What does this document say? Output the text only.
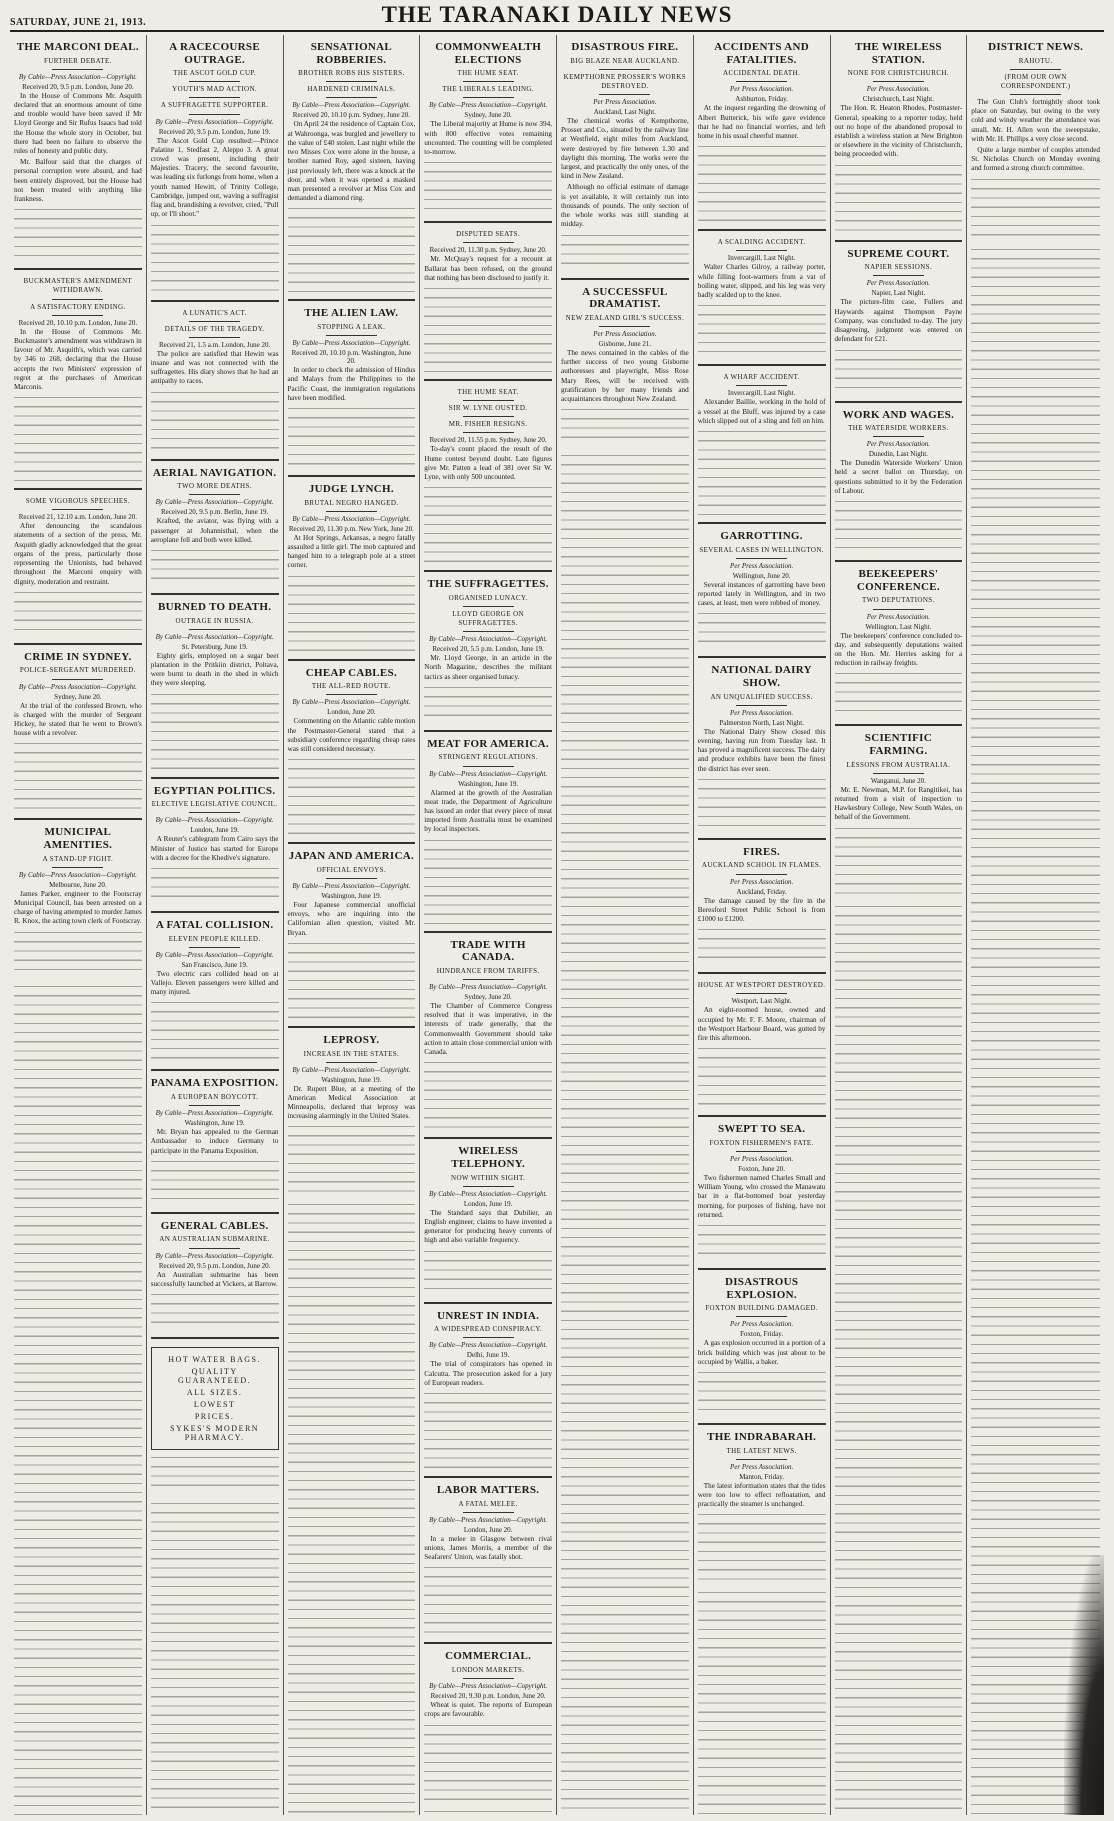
SATURDAY, JUNE 21, 1913.	THE TARANAKI DAILY NEWS
THE MARCONI DEAL.
FURTHER DEBATE.
By Cable—Press Association—Copyright.
Received 20, 9.5 p.m. London, June 20.

In the House of Commons Mr. Asquith declared that an enormous amount of time and trouble would have been saved if Mr Lloyd George and Sir Rufus Isaacs had told the House the whole story in October, but there had been no failure to observe the rules of honesty and public duty.

Mr. Balfour said that the charges of personal corruption were absurd, and had been entirely disproved, but the House had not been treated with anything like frankness.

BUCKMASTER'S AMENDMENT WITHDRAWN.
A SATISFACTORY ENDING.
Received 20, 10.10 p.m. London, June 20.

In the House of Commons Mr. Buckmaster's amendment was withdrawn in favour of Mr. Asquith's, which was carried by 346 to 268, declaring that the House accepts the two Ministers' expression of regret at the purchases of American Marconis.

SOME VIGOROUS SPEECHES.
Received 21, 12.10 a.m. London, June 20.

After denouncing the scandalous statements of a section of the press, Mr. Asquith gladly acknowledged that the great organs of the press, particularly those representing the Unionists, had behaved throughout the Marconi enquiry with dignity, moderation and restraint.

CRIME IN SYDNEY.
POLICE-SERGEANT MURDERED.
By Cable—Press Association—Copyright.
Sydney, June 20.

At the trial of the confessed Brown, who is charged with the murder of Sergeant Hickey, he stated that he went to Brown's house with a revolver.

MUNICIPAL AMENITIES.
A STAND-UP FIGHT.
By Cable—Press Association—Copyright.
Melbourne, June 20.

James Parker, engineer to the Footscray Municipal Council, has been arrested on a charge of having attempted to murder James R. Knox, the acting town clerk of Footscray.

A RACECOURSE OUTRAGE.
THE ASCOT GOLD CUP.
YOUTH'S MAD ACTION.
A SUFFRAGETTE SUPPORTER.
By Cable—Press Association—Copyright.
Received 20, 9.5 p.m. London, June 19.

The Ascot Gold Cup resulted:—Prince Palatine 1, Stedfast 2, Aleppo 3. A great crowd was present, including their Majesties. Tracery, the second favourite, was leading six furlongs from home, when a youth named Hewitt, of Trinity College, Cambridge, jumped out, waving a suffragist flag and, brandishing a revolver, cried, "Pull up, or I'll shoot."

A LUNATIC'S ACT.
DETAILS OF THE TRAGEDY.
Received 21, 1.5 a.m. London, June 20.

The police are satisfied that Hewitt was insane and was not connected with the suffragettes. His diary shows that he had an antipathy to races.

AERIAL NAVIGATION.
TWO MORE DEATHS.
By Cable—Press Association—Copyright.
Received 20, 9.5 p.m. Berlin, June 19.

Krafted, the aviator, was flying with a passenger at Johannisthal, when the aeroplane fell and both were killed.

BURNED TO DEATH.
OUTRAGE IN RUSSIA.
By Cable—Press Association—Copyright.
St. Petersburg, June 19.

Eighty girls, employed on a sugar beet plantation in the Pritkiin district, Poltava, were burnt to death in the shed in which they were sleeping.

EGYPTIAN POLITICS.
ELECTIVE LEGISLATIVE COUNCIL.
By Cable—Press Association—Copyright.
London, June 19.

A Reuter's cablegram from Cairo says the Minister of Justice has started for Europe with a decree for the Khedive's signature.

A FATAL COLLISION.
ELEVEN PEOPLE KILLED.
By Cable—Press Association—Copyright.
San Francisco, June 19.

Two electric cars collided head on at Vallejo. Eleven passengers were killed and many injured.

PANAMA EXPOSITION.
A EUROPEAN BOYCOTT.
By Cable—Press Association—Copyright.
Washington, June 19.

Mr. Bryan has appealed to the German Ambassador to induce Germany to participate in the Panama Exposition.

GENERAL CABLES.
AN AUSTRALIAN SUBMARINE.
By Cable—Press Association—Copyright.
Received 20, 9.5 p.m. London, June 20.

An Australian submarine has been successfully launched at Vickers, at Barrow.

HOT WATER BAGS.
QUALITY GUARANTEED.
ALL SIZES.
LOWEST
PRICES.
SYKES'S MODERN PHARMACY.
SENSATIONAL ROBBERIES.
BROTHER ROBS HIS SISTERS.
HARDENED CRIMINALS.
By Cable—Press Association—Copyright.
Received 20, 10.10 p.m. Sydney, June 20.

On April 24 the residence of Captain Cox, at Wahroonga, was burgled and jewellery to the value of £40 stolen. Last night while the two Misses Cox were alone in the house, a brother named Roy, aged sixteen, having just previously left, there was a knock at the door, and when it was opened a masked man presented a revolver at Miss Cox and demanded a diamond ring.

THE ALIEN LAW.
STOPPING A LEAK.
By Cable—Press Association—Copyright.
Received 20, 10.10 p.m. Washington, June 20.

In order to check the admission of Hindus and Malays from the Philippines to the Pacific Coast, the immigration regulations have been modified.

JUDGE LYNCH.
BRUTAL NEGRO HANGED.
By Cable—Press Association—Copyright.
Received 20, 11.30 p.m. New York, June 20.

At Hot Springs, Arkansas, a negro fatally assaulted a little girl. The mob captured and hanged him to a telegraph pole at a street corner.

CHEAP CABLES.
THE ALL-RED ROUTE.
By Cable—Press Association—Copyright.
London, June 20.

Commenting on the Atlantic cable motion the Postmaster-General stated that a subsidiary conference regarding cheap rates was still considered necessary.

JAPAN AND AMERICA.
OFFICIAL ENVOYS.
By Cable—Press Association—Copyright.
Washington, June 19.

Four Japanese commercial unofficial envoys, who are inquiring into the Californian alien question, visited Mr. Bryan.

LEPROSY.
INCREASE IN THE STATES.
By Cable—Press Association—Copyright.
Washington, June 19.

Dr. Rupert Blue, at a meeting of the American Medical Association at Minneapolis, declared that leprosy was increasing alarmingly in the United States.

COMMONWEALTH ELECTIONS
THE HUME SEAT.
THE LIBERALS LEADING.
By Cable—Press Association—Copyright.
Sydney, June 20.

The Liberal majority at Hume is now 394, with 800 effective votes remaining uncounted. The counting will be completed to-morrow.

DISPUTED SEATS.
Received 20, 11.30 p.m. Sydney, June 20.

Mr. McQuay's request for a recount at Ballarat has been refused, on the ground that nothing has been disclosed to justify it.

THE HUME SEAT.
SIR W. LYNE OUSTED.
MR. FISHER RESIGNS.
Received 20, 11.55 p.m. Sydney, June 20.

To-day's count placed the result of the Hume contest beyond doubt. Late figures give Mr. Patten a lead of 381 over Sir W. Lyne, with only 500 uncounted.

THE SUFFRAGETTES.
ORGANISED LUNACY.
LLOYD GEORGE ON SUFFRAGETTES.
By Cable—Press Association—Copyright.
Received 20, 5.5 p.m. London, June 19.

Mr. Lloyd George, in an article in the North Magazine, describes the militant tactics as sheer organised lunacy.

MEAT FOR AMERICA.
STRINGENT REGULATIONS.
By Cable—Press Association—Copyright.
Washington, June 19.

Alarmed at the growth of the Australian meat trade, the Department of Agriculture has issued an order that every piece of meat imported from Australia must be examined by local inspectors.

TRADE WITH CANADA.
HINDRANCE FROM TARIFFS.
By Cable—Press Association—Copyright.
Sydney, June 20.

The Chamber of Commerce Congress resolved that it was imperative, in the interests of trade generally, that the Commonwealth Government should take action to attain close commercial union with Canada.

WIRELESS TELEPHONY.
NOW WITHIN SIGHT.
By Cable—Press Association—Copyright.
London, June 19.

The Standard says that Dubilier, an English engineer, claims to have invented a generator for producing heavy currents of high and also variable frequency.

UNREST IN INDIA.
A WIDESPREAD CONSPIRACY.
By Cable—Press Association—Copyright.
Delhi, June 19.

The trial of conspirators has opened in Calcutta. The prosecution asked for a jury of European readers.

LABOR MATTERS.
A FATAL MELEE.
By Cable—Press Association—Copyright.
London, June 20.

In a melee in Glasgow between rival unions, James Morris, a member of the Seafarers' Union, was fatally shot.

COMMERCIAL.
LONDON MARKETS.
By Cable—Press Association—Copyright.
Received 20, 9.30 p.m. London, June 20.

Wheat is quiet. The reports of European crops are favourable.

DISASTROUS FIRE.
BIG BLAZE NEAR AUCKLAND.
KEMPTHORNE PROSSER'S WORKS DESTROYED.
Per Press Association.
Auckland, Last Night.

The chemical works of Kempthorne, Prosser and Co., situated by the railway line at Westfield, eight miles from Auckland, were destroyed by fire between 1.30 and daylight this morning. The works were the largest, and practically the only ones, of the kind in New Zealand.

Although no official estimate of damage is yet available, it will certainly run into thousands of pounds. The only section of the whole works was still standing at midday.

A SUCCESSFUL DRAMATIST.
NEW ZEALAND GIRL'S SUCCESS.
Per Press Association.
Gisborne, June 21.

The news contained in the cables of the further success of two young Gisborne authoresses and playwright, Miss Rose Mary Rees, will be received with gratification by her many friends and acquaintances throughout New Zealand.

ACCIDENTS AND FATALITIES.
ACCIDENTAL DEATH.
Per Press Association.
Ashburton, Friday.

At the inquest regarding the drowning of Albert Butterick, his wife gave evidence that he had no financial worries, and left home in his usual cheerful manner.

A SCALDING ACCIDENT.
Invercargill, Last Night.

Walter Charles Gilroy, a railway porter, while filling foot-warmers from a vat of boiling water, slipped, and his leg was very badly scalded up to the knee.

A WHARF ACCIDENT.
Invercargill, Last Night.

Alexander Baillie, working in the hold of a vessel at the Bluff, was injured by a case which slipped out of a sling and fell on him.

GARROTTING.
SEVERAL CASES IN WELLINGTON.
Per Press Association.
Wellington, June 20.

Several instances of garrotting have been reported lately in Wellington, and in two cases, at least, men were robbed of money.

NATIONAL DAIRY SHOW.
AN UNQUALIFIED SUCCESS.
Per Press Association.
Palmerston North, Last Night.

The National Dairy Show closed this evening, having run from Tuesday last. It has proved a magnificent success. The dairy and produce exhibits have been the finest the district has ever seen.

FIRES.
AUCKLAND SCHOOL IN FLAMES.
Per Press Association.
Auckland, Friday.

The damage caused by the fire in the Beresford Street Public School is from £1000 to £1200.

HOUSE AT WESTPORT DESTROYED.
Westport, Last Night.

An eight-roomed house, owned and occupied by Mr. F. F. Moore, chairman of the Westport Harbour Board, was gutted by fire this afternoon.

SWEPT TO SEA.
FOXTON FISHERMEN'S FATE.
Per Press Association.
Foxton, June 20.

Two fishermen named Charles Small and William Young, who crossed the Manawatu bar in a flat-bottomed boat yesterday morning, for purposes of fishing, have not returned.

DISASTROUS EXPLOSION.
FOXTON BUILDING DAMAGED.
Per Press Association.
Foxton, Friday.

A gas explosion occurred in a portion of a brick building which was just about to be occupied by Wallis, a baker.

THE INDRABARAH.
THE LATEST NEWS.
Per Press Association.
Manton, Friday.

The latest information states that the tides were too low to effect refloatation, and practically the steamer is unchanged.

THE WIRELESS STATION.
NONE FOR CHRISTCHURCH.
Per Press Association.
Christchurch, Last Night.

The Hon. R. Heaton Rhodes, Postmaster-General, speaking to a reporter today, held out no hope of the abandoned proposal to establish a wireless station at New Brighton or elsewhere in the vicinity of Christchurch, being proceeded with.

SUPREME COURT.
NAPIER SESSIONS.
Per Press Association.
Napier, Last Night.

The picture-film case, Fullers and Haywards against Thompson Payne Company, was concluded to-day. The jury disagreeing, judgment was entered on defendant for £21.

WORK AND WAGES.
THE WATERSIDE WORKERS.
Per Press Association.
Dunedin, Last Night.

The Dunedin Waterside Workers' Union held a secret ballot on Thursday, on questions submitted to it by the Federation of Labour.

BEEKEEPERS' CONFERENCE.
TWO DEPUTATIONS.
Per Press Association.
Wellington, Last Night.

The beekeepers' conference concluded to-day, and subsequently deputations waited on the Hon. Mr. Herries asking for a reduction in railway freights.

SCIENTIFIC FARMING.
LESSONS FROM AUSTRALIA.
Wanganui, June 20.

Mr. E. Newman, M.P. for Rangitikei, has returned from a visit of inspection to Hawkesbury College, New South Wales, on behalf of the Government.

DISTRICT NEWS.
RAHOTU.
(FROM OUR OWN CORRESPONDENT.)

The Gun Club's fortnightly shoot took place on Saturday, but owing to the very cold and windy weather the attendance was small. Mr. H. Allen won the sweepstake, with Mr. H. Phillips a very close second.

Quite a large number of couples attended St. Nicholas Church on Monday evening and formed a strong church committee.
